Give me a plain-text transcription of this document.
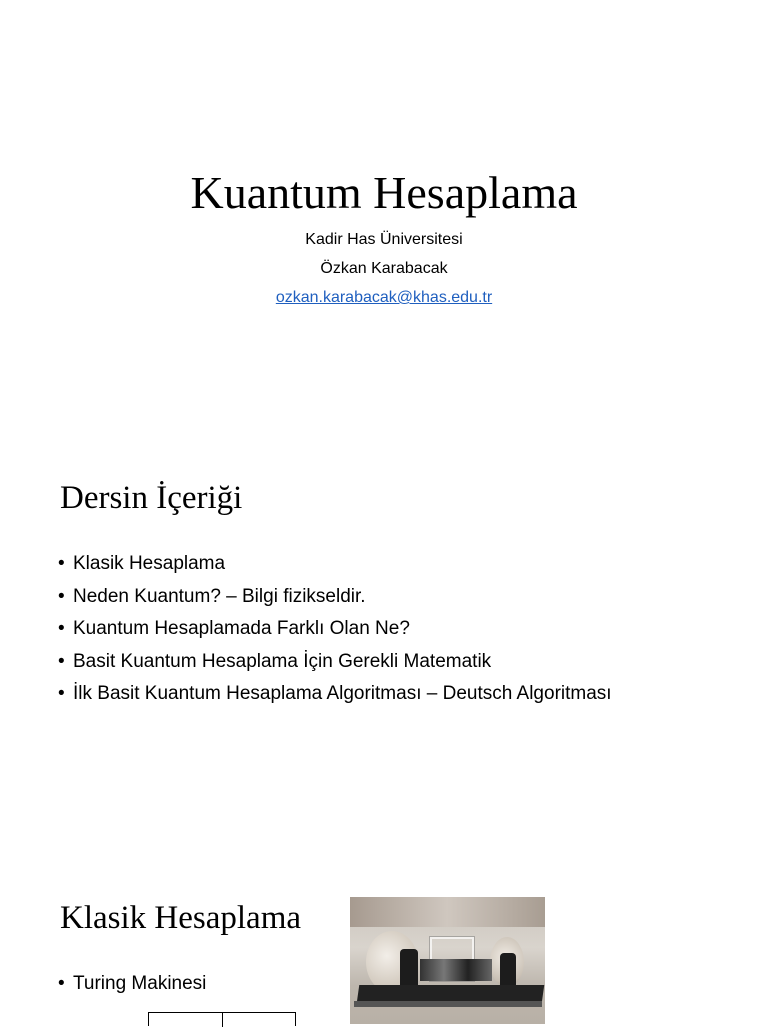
Kuantum Hesaplama
Kadir Has Üniversitesi
Özkan Karabacak
ozkan.karabacak@khas.edu.tr
Dersin İçeriği
• Klasik Hesaplama
• Neden Kuantum? – Bilgi fizikseldir.
• Kuantum Hesaplamada Farklı Olan Ne?
• Basit Kuantum Hesaplama İçin Gerekli Matematik
• İlk Basit Kuantum Hesaplama Algoritması – Deutsch Algoritması
Klasik Hesaplama
• Turing Makinesi
